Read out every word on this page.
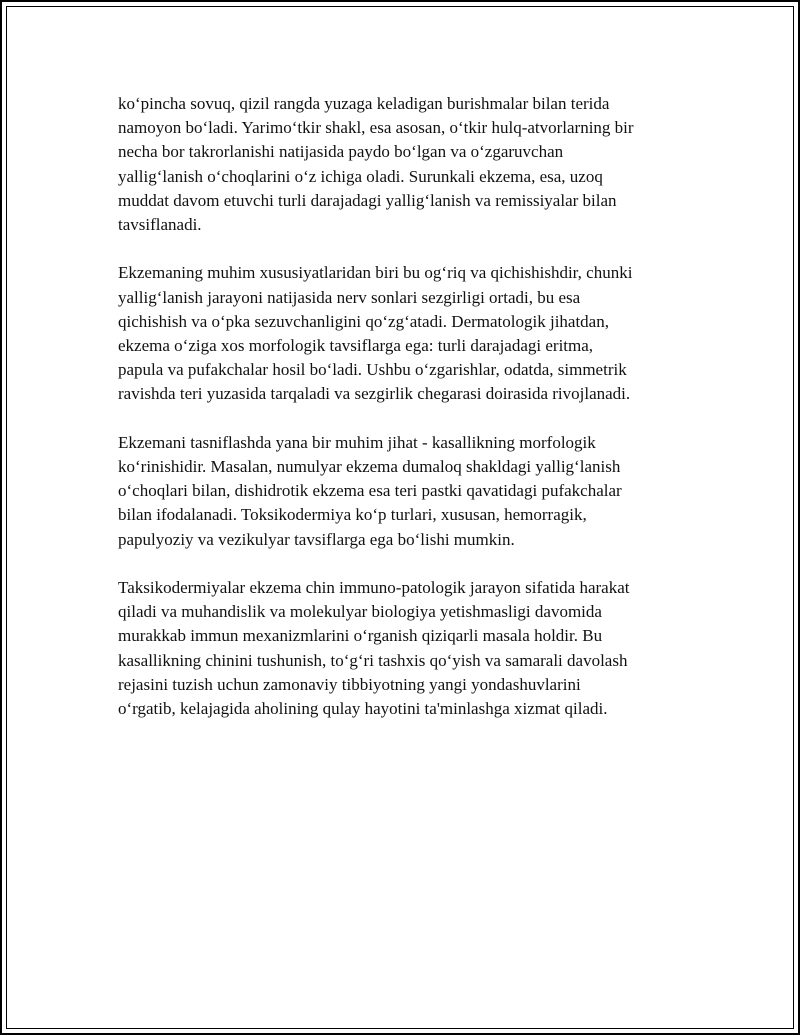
ko‘pincha sovuq, qizil rangda yuzaga keladigan burishmalar bilan terida
namoyon bo‘ladi. Yarimo‘tkir shakl, esa asosan, o‘tkir hulq-atvorlarning bir
necha bor takrorlanishi natijasida paydo bo‘lgan va o‘zgaruvchan
yallig‘lanish o‘choqlarini o‘z ichiga oladi. Surunkali ekzema, esa, uzoq
muddat davom etuvchi turli darajadagi yallig‘lanish va remissiyalar bilan
tavsiflanadi.

Ekzemaning muhim xususiyatlaridan biri bu og‘riq va qichishishdir, chunki
yallig‘lanish jarayoni natijasida nerv sonlari sezgirligi ortadi, bu esa
qichishish va o‘pka sezuvchanligini qo‘zg‘atadi. Dermatologik jihatdan,
ekzema o‘ziga xos morfologik tavsiflarga ega: turli darajadagi eritma,
papula va pufakchalar hosil bo‘ladi. Ushbu o‘zgarishlar, odatda, simmetrik
ravishda teri yuzasida tarqaladi va sezgirlik chegarasi doirasida rivojlanadi.

Ekzemani tasniflashda yana bir muhim jihat - kasallikning morfologik
ko‘rinishidir. Masalan, numulyar ekzema dumaloq shakldagi yallig‘lanish
o‘choqlari bilan, dishidrotik ekzema esa teri pastki qavatidagi pufakchalar
bilan ifodalanadi. Toksikodermiya ko‘p turlari, xususan, hemorragik,
papulyoziy va vezikulyar tavsiflarga ega bo‘lishi mumkin.

Taksikodermiyalar ekzema chin immuno-patologik jarayon sifatida harakat
qiladi va muhandislik va molekulyar biologiya yetishmasligi davomida
murakkab immun mexanizmlarini o‘rganish qiziqarli masala holdir. Bu
kasallikning chinini tushunish, to‘g‘ri tashxis qo‘yish va samarali davolash
rejasini tuzish uchun zamonaviy tibbiyotning yangi yondashuvlarini
o‘rgatib, kelajagida aholining qulay hayotini ta'minlashga xizmat qiladi.
